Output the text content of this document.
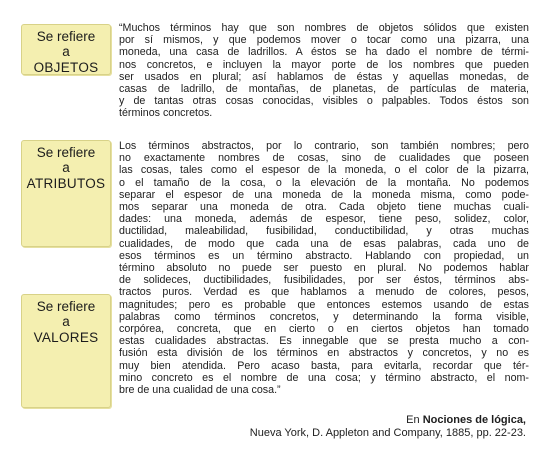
Se refiere
a
OBJETOS
Se refiere
a
ATRIBUTOS
Se refiere
a
VALORES
“Muchos términos hay que son nombres de objetos sólidos que existen
por sí mismos, y que podemos mover o tocar como una pizarra, una
moneda, una casa de ladrillos. A éstos se ha dado el nombre de térmi-
nos concretos, e incluyen la mayor porte de los nombres que pueden
ser usados en plural; así hablamos de éstas y aquellas monedas, de
casas de ladrillo, de montañas, de planetas, de partículas de materia,
y de tantas otras cosas conocidas, visibles o palpables. Todos éstos son
términos concretos.
Los términos abstractos, por lo contrario, son también nombres; pero
no exactamente nombres de cosas, sino de cualidades que poseen
las cosas, tales como el espesor de la moneda, o el color de la pizarra,
o el tamaño de la cosa, o la elevación de la montaña. No podemos
separar el espesor de una moneda de la moneda misma, como pode-
mos separar una moneda de otra. Cada objeto tiene muchas cuali-
dades: una moneda, además de espesor, tiene peso, solidez, color,
ductilidad, maleabilidad, fusibilidad, conductibilidad, y otras muchas
cualidades, de modo que cada una de esas palabras, cada uno de
esos términos es un término abstracto. Hablando con propiedad, un
término absoluto no puede ser puesto en plural. No podemos hablar
de solideces, ductibilidades, fusibilidades, por ser éstos, términos abs-
tractos puros. Verdad es que hablamos a menudo de colores, pesos,
magnitudes; pero es probable que entonces estemos usando de estas
palabras como términos concretos, y determinando la forma visible,
corpórea, concreta, que en cierto o en ciertos objetos han tomado
estas cualidades abstractas. Es innegable que se presta mucho a con-
fusión esta división de los términos en abstractos y concretos, y no es
muy bien atendida. Pero acaso basta, para evitarla, recordar que tér-
mino concreto es el nombre de una cosa; y término abstracto, el nom-
bre de una cualidad de una cosa.”
En Nociones de lógica,
Nueva York, D. Appleton and Company, 1885, pp. 22-23.
